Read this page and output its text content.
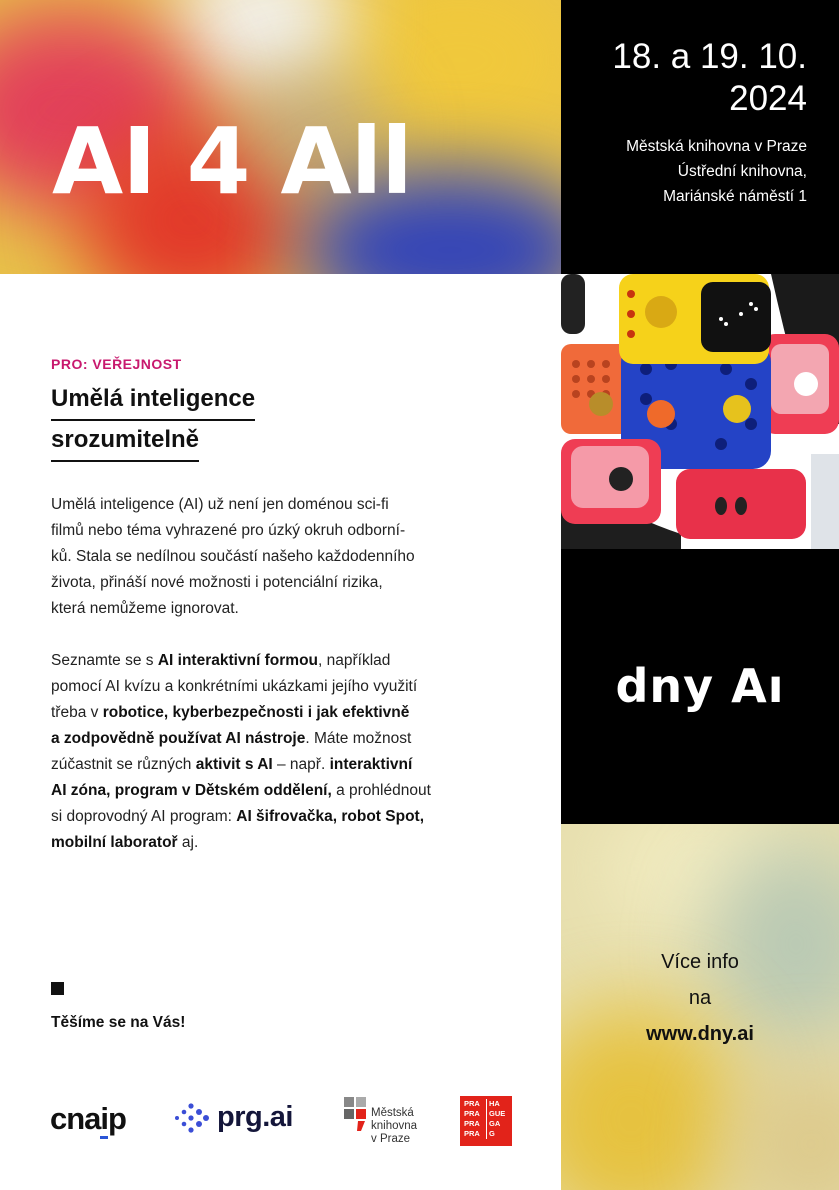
AI 4 All
18. a 19. 10.
2024
Městská knihovna v Praze
Ústřední knihovna,
Mariánské náměstí 1
dny Aı
Více info
na
www.dny.ai
PRO: VEŘEJNOST
Umělá inteligence
srozumitelně
Umělá inteligence (AI) už není jen doménou sci-fi
filmů nebo téma vyhrazené pro úzký okruh odborní-
ků. Stala se nedílnou součástí našeho každodenního
života, přináší nové možnosti i potenciální rizika,
která nemůžeme ignorovat.
Seznamte se s AI interaktivní formou, například
pomocí AI kvízu a konkrétními ukázkami jejího využití
třeba v robotice, kyberbezpečnosti i jak efektivně
a zodpovědně používat AI nástroje. Máte možnost
zúčastnit se různých aktivit s AI – např. interaktivní
AI zóna, program v Dětském oddělení, a prohlédnout
si doprovodný AI program: AI šifrovačka, robot Spot,
mobilní laboratoř aj.
Těšíme se na Vás!
cnaip	prg.ai	Městská
knihovna
v Praze
PRA
PRA
PRA
PRA
HA
GUE
GA
G
